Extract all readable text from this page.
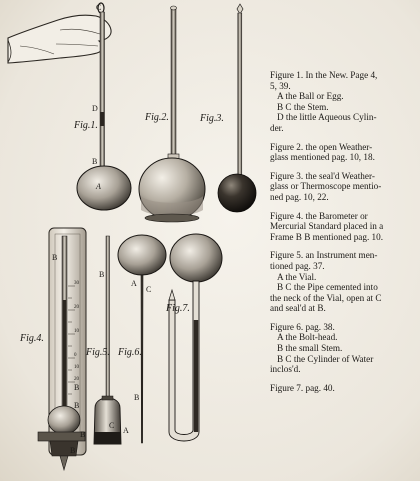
Fig.1.
Fig.2.	Fig.3.
Fig.4.
Fig.5. Fig.6.
Fig.7.
C
D
B
A
B
B
B
B
B
B
C
A
A
C
B
30
20
10
0
10
20
Figure 1. In the New. Page 4,
5, 39.
A the Ball or Egg.
B C the Stem.
D the little Aqueous Cylin-
der.
Figure 2. the open Weather-
glass mentioned pag. 10, 18.
Figure 3. the seal'd Weather-
glass or Thermoscope mentio-
ned pag. 10, 22.
Figure 4. the Barometer or
Mercurial Standard placed in a
Frame B B mentioned pag. 10.
Figure 5. an Instrument men-
tioned pag. 37.
A the Vial.
B C the Pipe cemented into
the neck of the Vial, open at C
and seal'd at B.
Figure 6. pag. 38.
A the Bolt-head.
B the small Stem.
B C the Cylinder of Water
inclos'd.
Figure 7. pag. 40.
